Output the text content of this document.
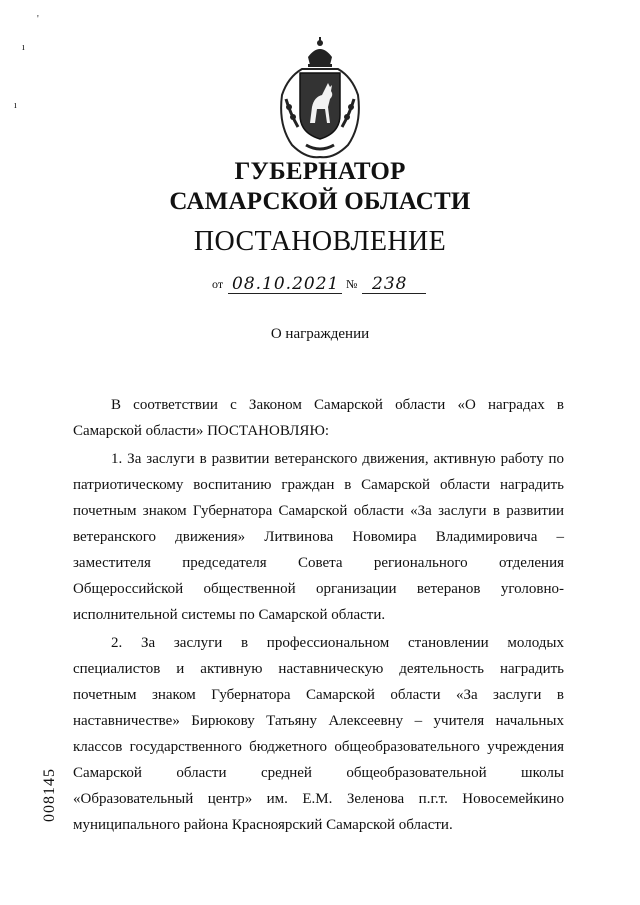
'
ı
ı
ГУБЕРНАТОР
САМАРСКОЙ ОБЛАСТИ
ПОСТАНОВЛЕНИЕ
от 08.10.2021 № 238
О награждении

В соответствии с Законом Самарской области «О наградах в Самарской области» ПОСТАНОВЛЯЮ:

1. За заслуги в развитии ветеранского движения, активную работу по патриотическому воспитанию граждан в Самарской области наградить почетным знаком Губернатора Самарской области «За заслуги в развитии ветеранского движения» Литвинова Новомира Владимировича – заместителя председателя Совета регионального отделения Общероссийской общественной организации ветеранов уголовно-исполнительной системы по Самарской области.

2. За заслуги в профессиональном становлении молодых специалистов и активную наставническую деятельность наградить почетным знаком Губернатора Самарской области «За заслуги в наставничестве» Бирюкову Татьяну Алексеевну – учителя начальных классов государственного бюджетного общеобразовательного учреждения Самарской области средней общеобразовательной школы «Образовательный центр» им. Е.М. Зеленова п.г.т. Новосемейкино муниципального района Красноярский Самарской области.

008145
